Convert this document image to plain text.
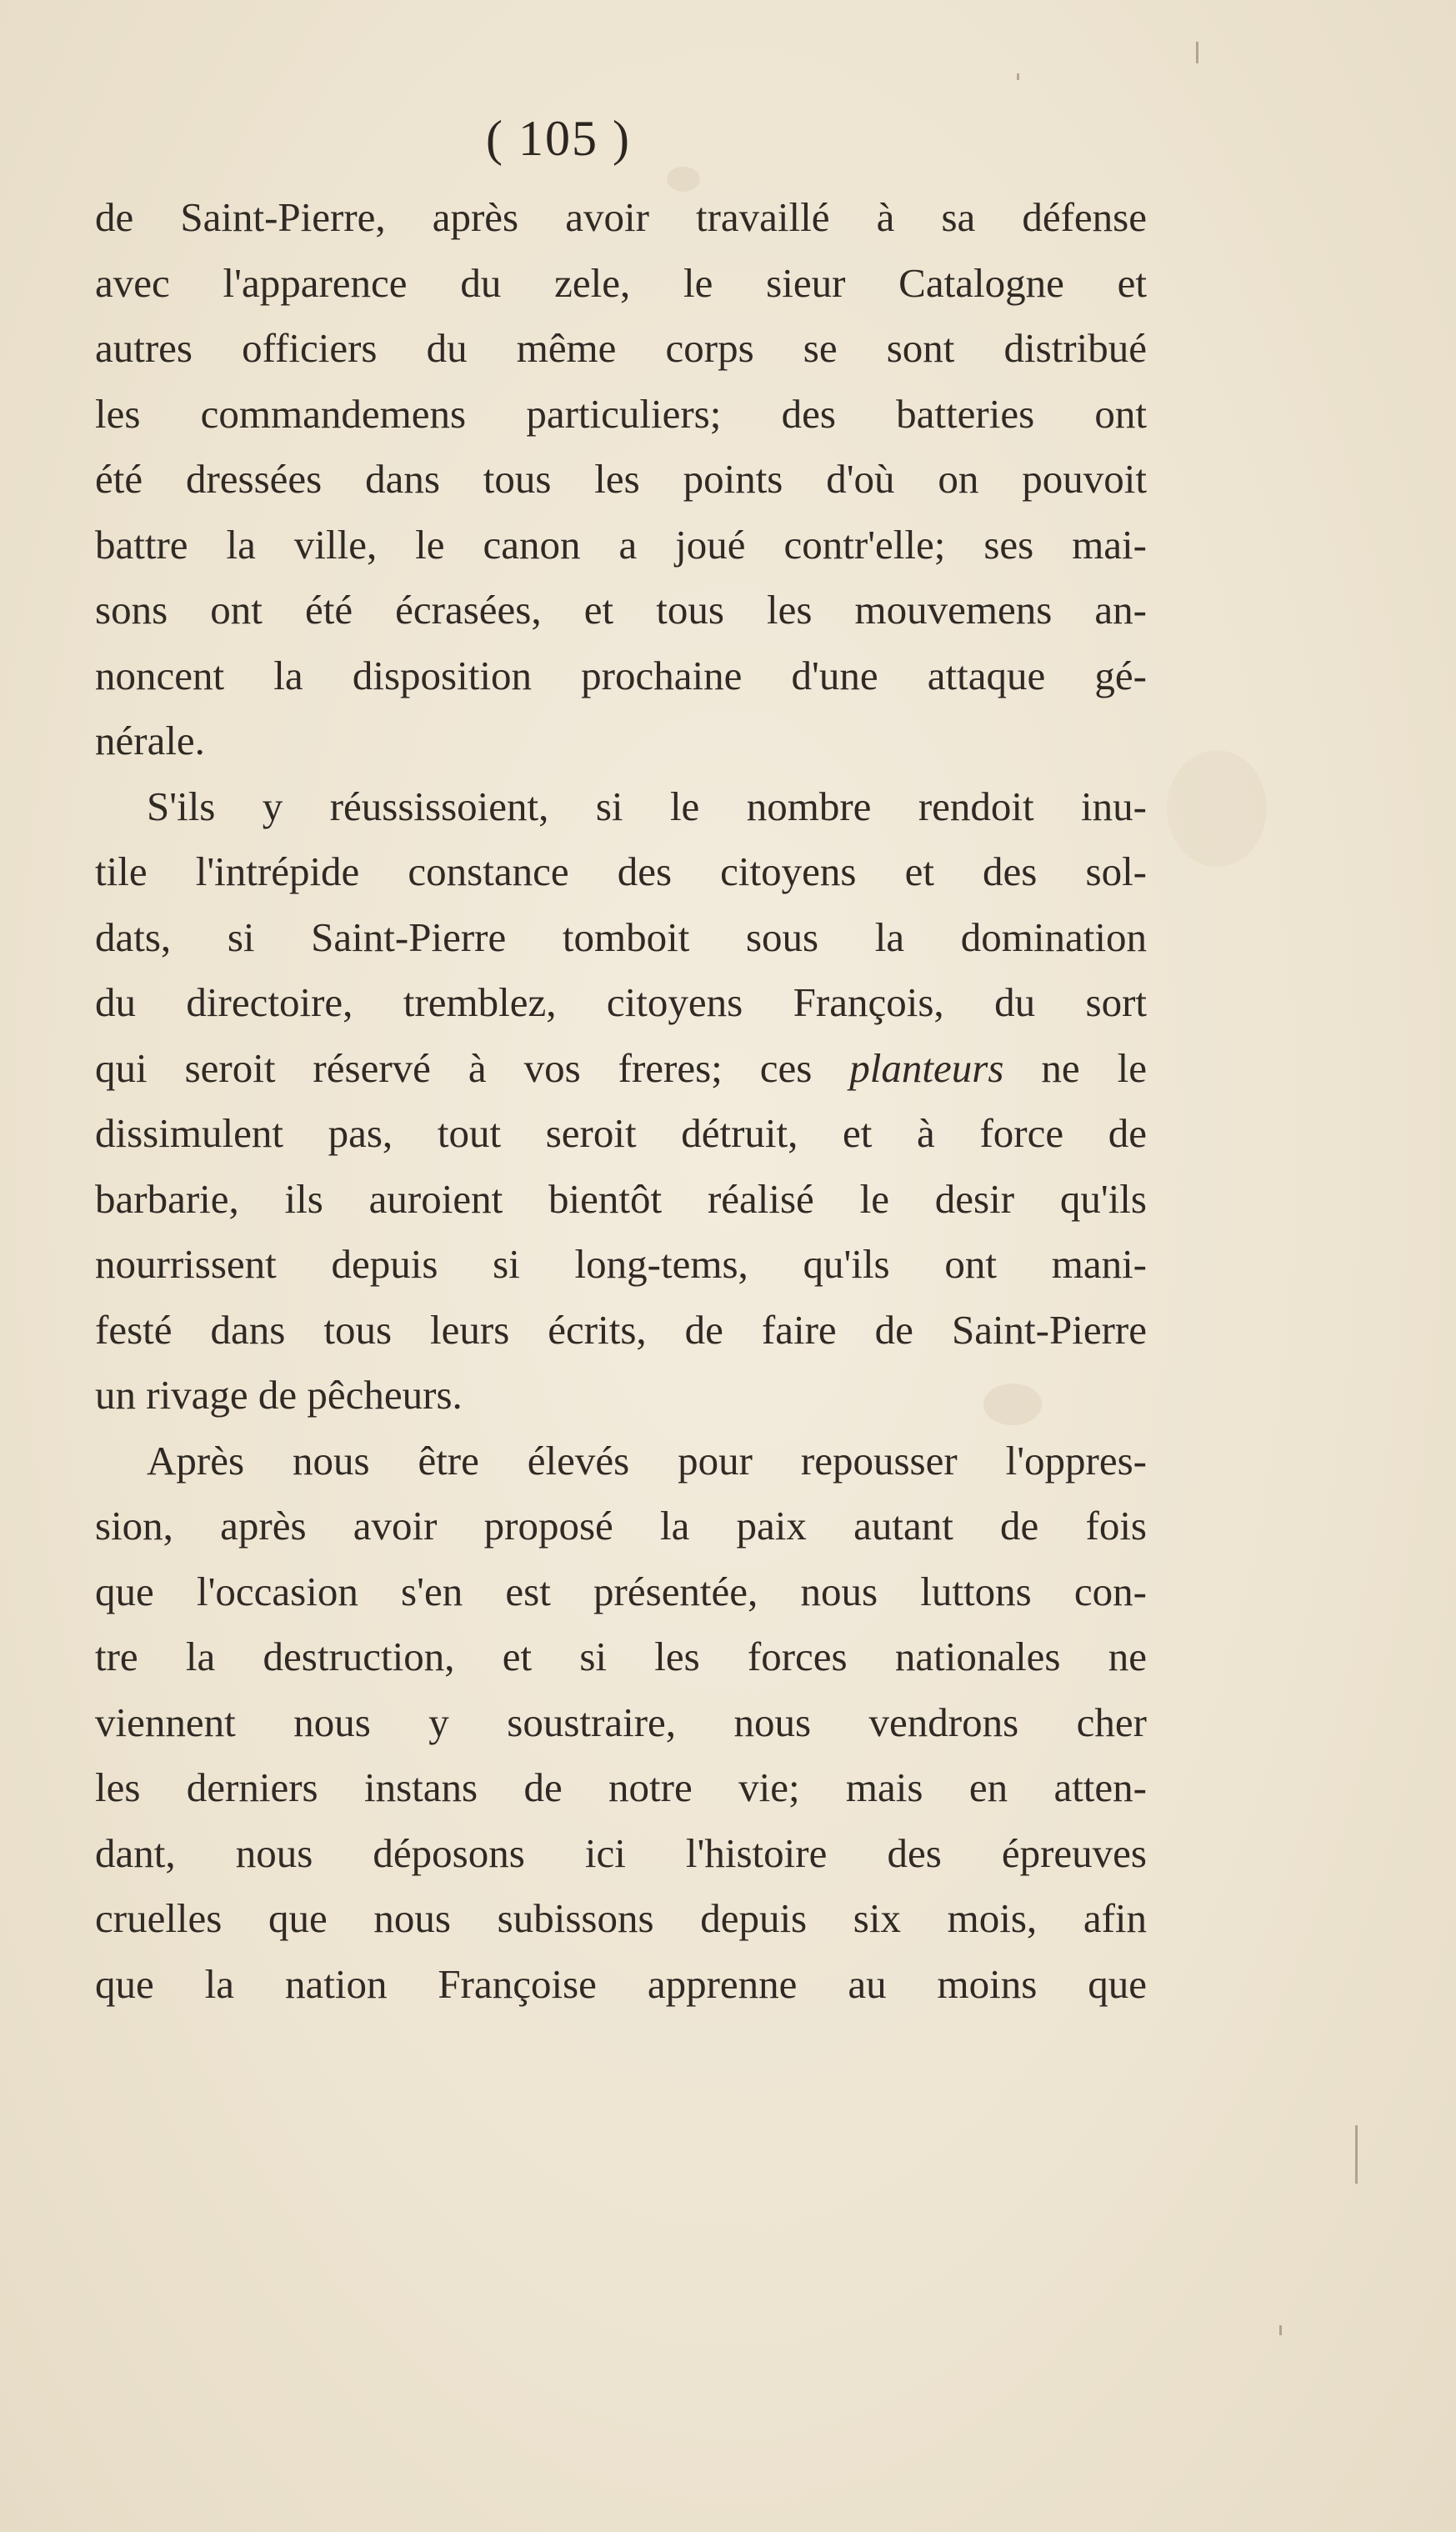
( 105 )
de Saint-Pierre, après avoir travaillé à sa défense
avec l'apparence du zele, le sieur Catalogne et
autres officiers du même corps se sont distribué
les commandemens particuliers; des batteries ont
été dressées dans tous les points d'où on pouvoit
battre la ville, le canon a joué contr'elle; ses mai-
sons ont été écrasées, et tous les mouvemens an-
noncent la disposition prochaine d'une attaque gé-
nérale.
S'ils y réussissoient, si le nombre rendoit inu-
tile l'intrépide constance des citoyens et des sol-
dats, si Saint-Pierre tomboit sous la domination
du directoire, tremblez, citoyens François, du sort
qui seroit réservé à vos freres; ces planteurs ne le
dissimulent pas, tout seroit détruit, et à force de
barbarie, ils auroient bientôt réalisé le desir qu'ils
nourrissent depuis si long-tems, qu'ils ont mani-
festé dans tous leurs écrits, de faire de Saint-Pierre
un rivage de pêcheurs.
Après nous être élevés pour repousser l'oppres-
sion, après avoir proposé la paix autant de fois
que l'occasion s'en est présentée, nous luttons con-
tre la destruction, et si les forces nationales ne
viennent nous y soustraire, nous vendrons cher
les derniers instans de notre vie; mais en atten-
dant, nous déposons ici l'histoire des épreuves
cruelles que nous subissons depuis six mois, afin
que la nation Françoise apprenne au moins que
